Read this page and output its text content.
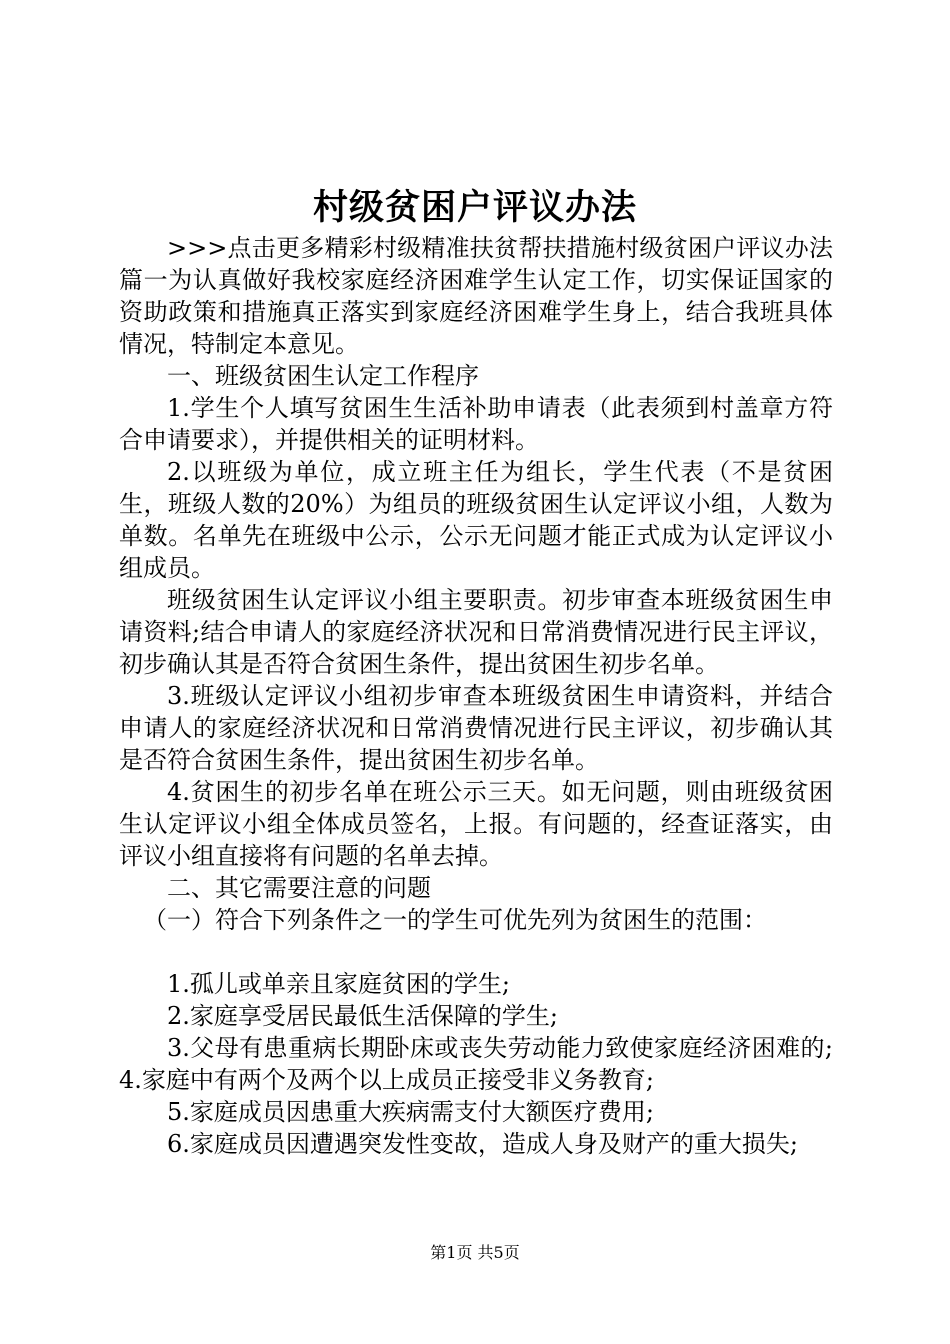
村级贫困户评议办法

>>>点击更多精彩村级精准扶贫帮扶措施村级贫困户评议办法篇一为认真做好我校家庭经济困难学生认定工作，切实保证国家的资助政策和措施真正落实到家庭经济困难学生身上，结合我班具体情况，特制定本意见。

一、班级贫困生认定工作程序

1.学生个人填写贫困生生活补助申请表（此表须到村盖章方符合申请要求），并提供相关的证明材料。

2.以班级为单位，成立班主任为组长，学生代表（不是贫困生，班级人数的20%）为组员的班级贫困生认定评议小组，人数为单数。名单先在班级中公示，公示无问题才能正式成为认定评议小组成员。

班级贫困生认定评议小组主要职责。初步审查本班级贫困生申请资料;结合申请人的家庭经济状况和日常消费情况进行民主评议，初步确认其是否符合贫困生条件，提出贫困生初步名单。

3.班级认定评议小组初步审查本班级贫困生申请资料，并结合申请人的家庭经济状况和日常消费情况进行民主评议，初步确认其是否符合贫困生条件，提出贫困生初步名单。

4.贫困生的初步名单在班公示三天。如无问题，则由班级贫困生认定评议小组全体成员签名，上报。有问题的，经查证落实，由评议小组直接将有问题的名单去掉。

二、其它需要注意的问题

（一）符合下列条件之一的学生可优先列为贫困生的范围：

1.孤儿或单亲且家庭贫困的学生;

2.家庭享受居民最低生活保障的学生;

3.父母有患重病长期卧床或丧失劳动能力致使家庭经济困难的;4.家庭中有两个及两个以上成员正接受非义务教育;

5.家庭成员因患重大疾病需支付大额医疗费用;

6.家庭成员因遭遇突发性变故，造成人身及财产的重大损失;

第1页 共5页
